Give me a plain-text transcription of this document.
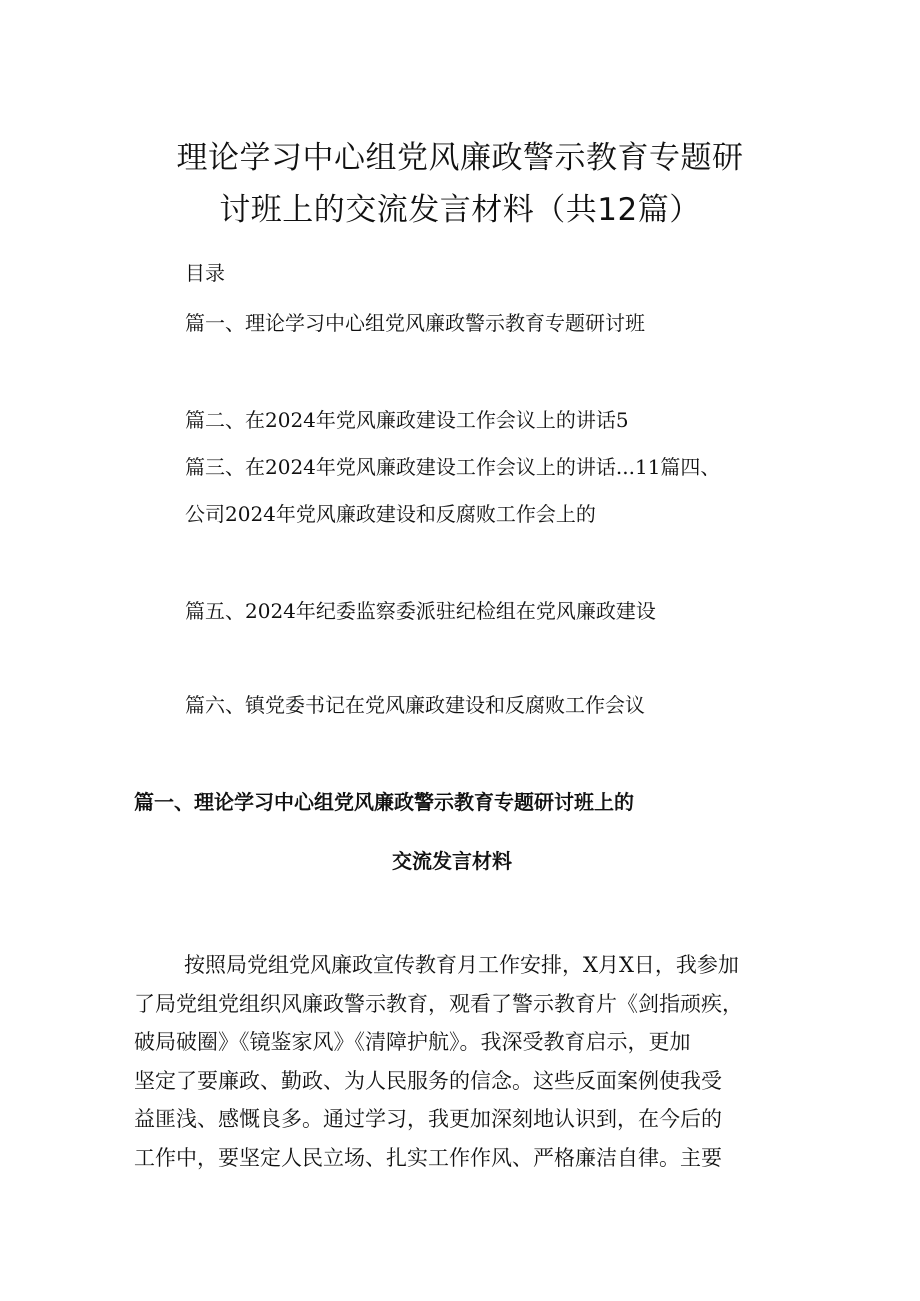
理论学习中心组党风廉政警示教育专题研
讨班上的交流发言材料（共12篇）
目录
篇一、理论学习中心组党风廉政警示教育专题研讨班
篇二、在2024年党风廉政建设工作会议上的讲话5
篇三、在2024年党风廉政建设工作会议上的讲话...11篇四、
公司2024年党风廉政建设和反腐败工作会上的
篇五、2024年纪委监察委派驻纪检组在党风廉政建设
篇六、镇党委书记在党风廉政建设和反腐败工作会议
篇一、理论学习中心组党风廉政警示教育专题研讨班上的
交流发言材料
按照局党组党风廉政宣传教育月工作安排，X月X日，我参加
了局党组党组织风廉政警示教育，观看了警示教育片《剑指顽疾，
破局破圈》《镜鉴家风》《清障护航》。我深受教育启示，更加
坚定了要廉政、勤政、为人民服务的信念。这些反面案例使我受
益匪浅、感慨良多。通过学习，我更加深刻地认识到，在今后的
工作中，要坚定人民立场、扎实工作作风、严格廉洁自律。主要
